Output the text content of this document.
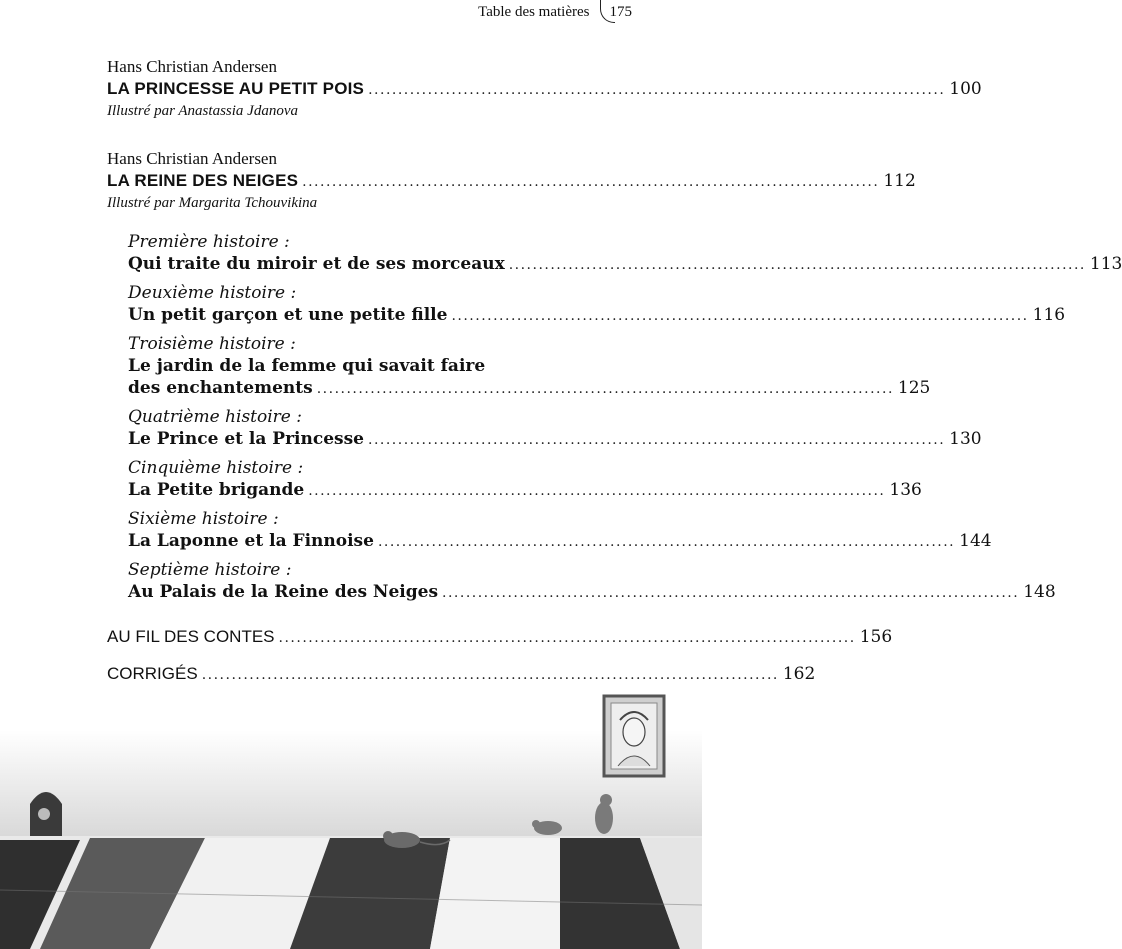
Table des matières	175
Hans Christian Andersen
LA PRINCESSE AU PETIT POIS ................................................................................................. 100
Illustré par Anastassia Jdanova
Hans Christian Andersen
LA REINE DES NEIGES ................................................................................................. 112
Illustré par Margarita Tchouvikina
Première histoire :
Qui traite du miroir et de ses morceaux ................................................................................................. 113
Deuxième histoire :
Un petit garçon et une petite fille ................................................................................................. 116
Troisième histoire :
Le jardin de la femme qui savait faire
des enchantements ................................................................................................. 125
Quatrième histoire :
Le Prince et la Princesse ................................................................................................. 130
Cinquième histoire :
La Petite brigande ................................................................................................. 136
Sixième histoire :
La Laponne et la Finnoise ................................................................................................. 144
Septième histoire :
Au Palais de la Reine des Neiges ................................................................................................. 148
AU FIL DES CONTES ................................................................................................. 156
CORRIGÉS ................................................................................................. 162
